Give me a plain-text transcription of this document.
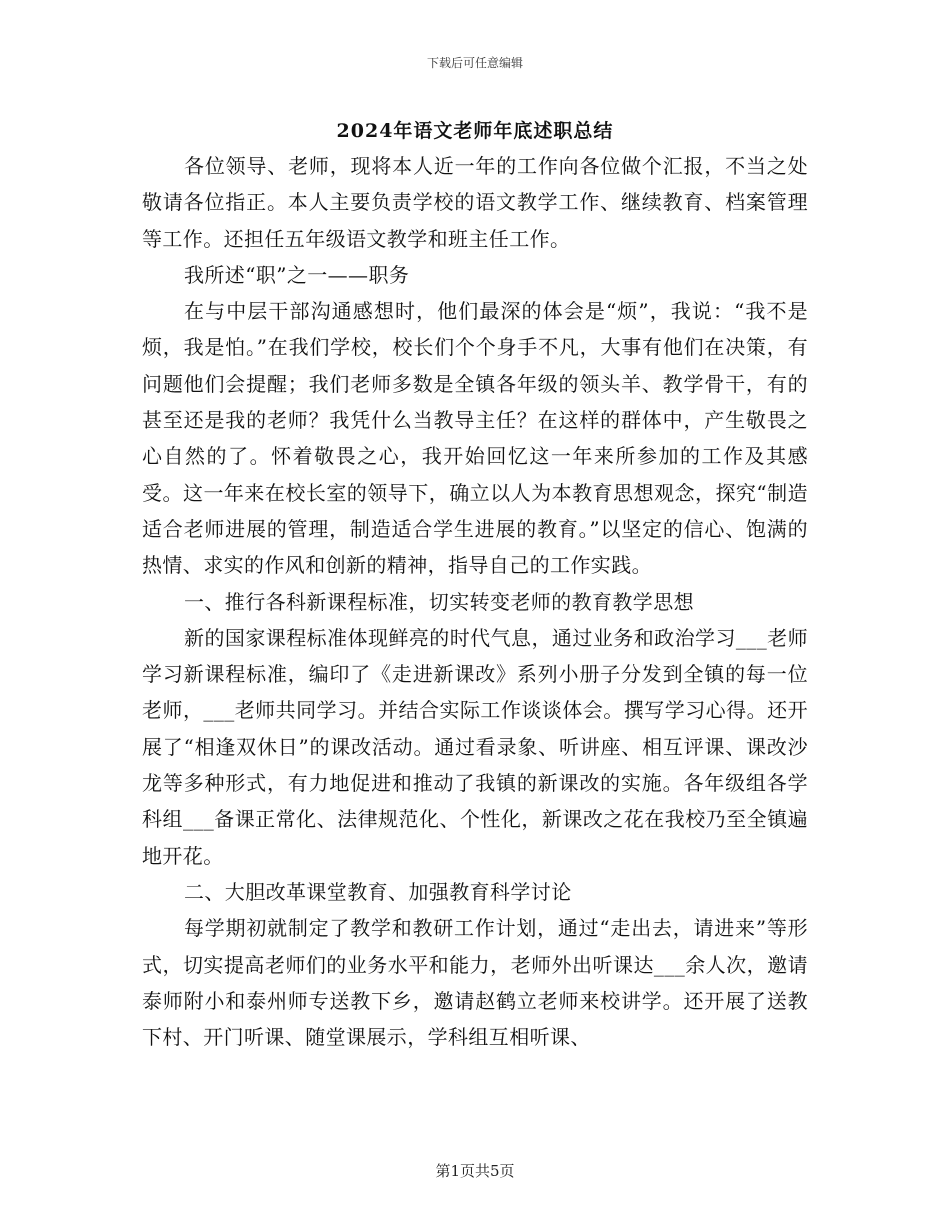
下载后可任意编辑
2024年语文老师年底述职总结

各位领导、老师，现将本人近一年的工作向各位做个汇报，不当之处敬请各位指正。本人主要负责学校的语文教学工作、继续教育、档案管理等工作。还担任五年级语文教学和班主任工作。

我所述“职”之一——职务

在与中层干部沟通感想时，他们最深的体会是“烦”，我说：“我不是烦，我是怕。”在我们学校，校长们个个身手不凡，大事有他们在决策，有问题他们会提醒；我们老师多数是全镇各年级的领头羊、教学骨干，有的甚至还是我的老师？我凭什么当教导主任？在这样的群体中，产生敬畏之心自然的了。怀着敬畏之心，我开始回忆这一年来所参加的工作及其感受。这一年来在校长室的领导下，确立以人为本教育思想观念，探究“制造适合老师进展的管理，制造适合学生进展的教育。”以坚定的信心、饱满的热情、求实的作风和创新的精神，指导自己的工作实践。

一、推行各科新课程标准，切实转变老师的教育教学思想

新的国家课程标准体现鲜亮的时代气息，通过业务和政治学习___老师学习新课程标准，编印了《走进新课改》系列小册子分发到全镇的每一位老师，___老师共同学习。并结合实际工作谈谈体会。撰写学习心得。还开展了“相逢双休日”的课改活动。通过看录象、听讲座、相互评课、课改沙龙等多种形式，有力地促进和推动了我镇的新课改的实施。各年级组各学科组___备课正常化、法律规范化、个性化，新课改之花在我校乃至全镇遍地开花。

二、大胆改革课堂教育、加强教育科学讨论

每学期初就制定了教学和教研工作计划，通过“走出去，请进来”等形式，切实提高老师们的业务水平和能力，老师外出听课达___余人次，邀请泰师附小和泰州师专送教下乡，邀请赵鹤立老师来校讲学。还开展了送教下村、开门听课、随堂课展示，学科组互相听课、

第1页共5页
